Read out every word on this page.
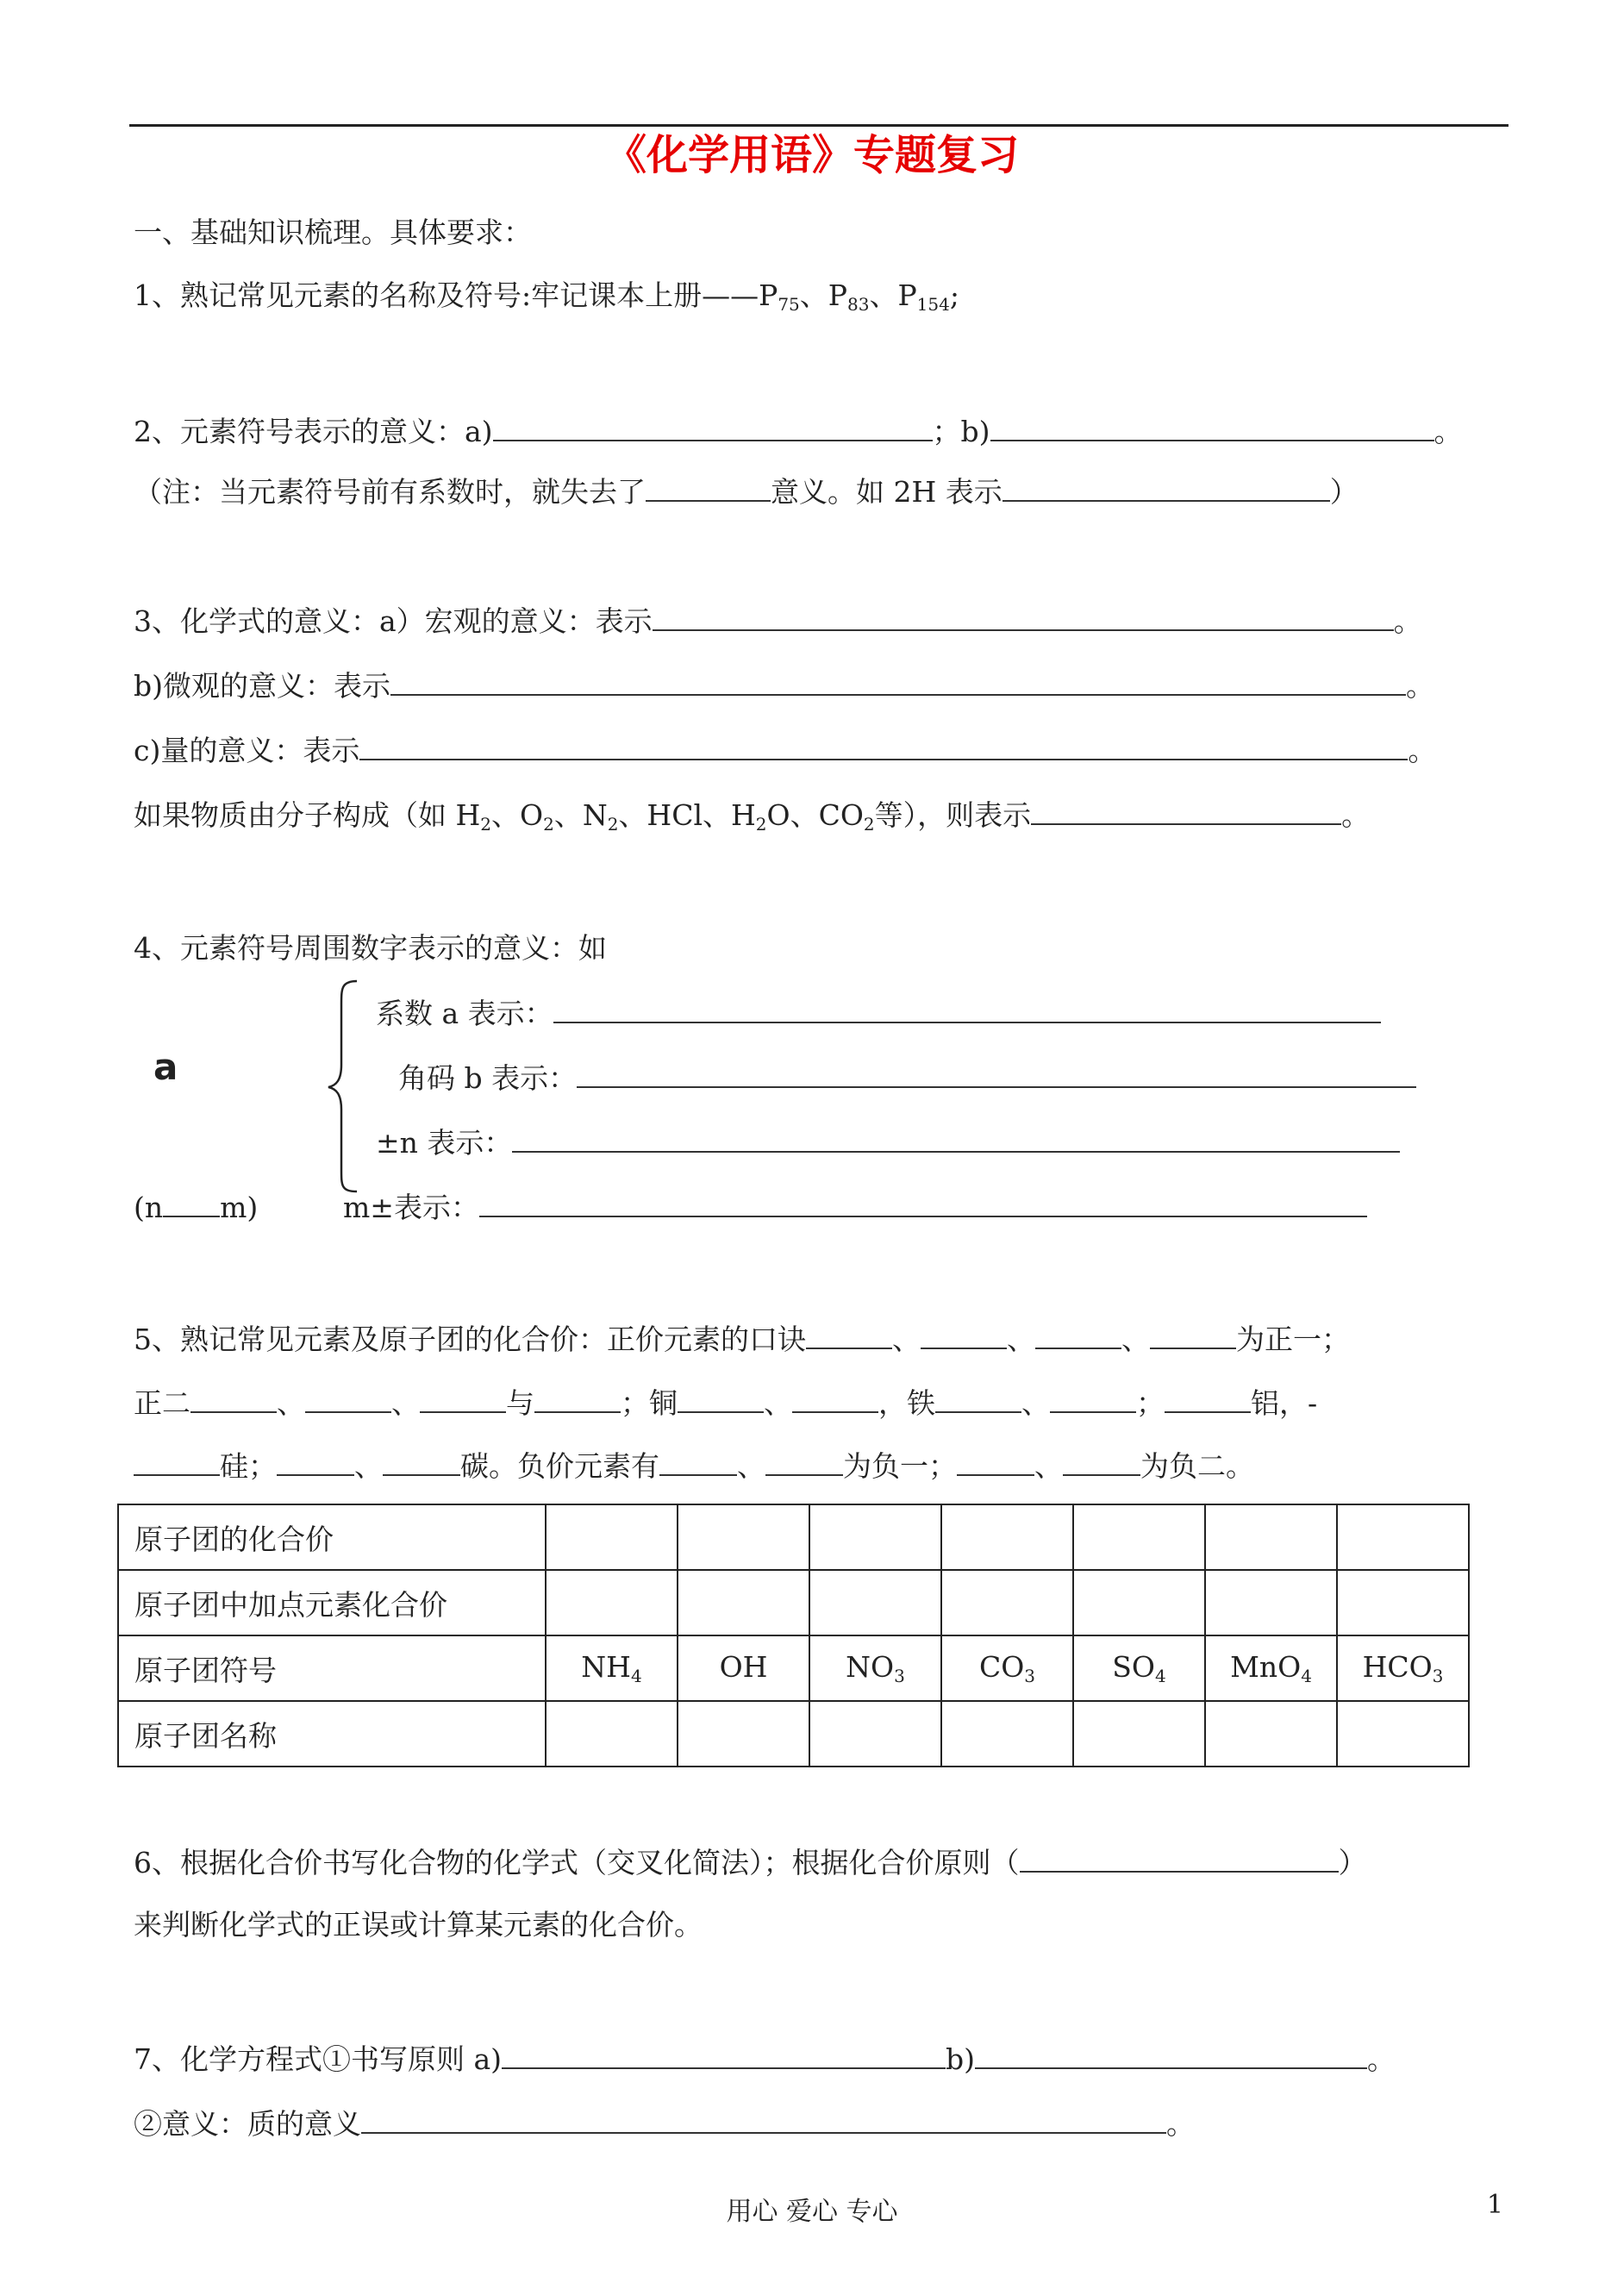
《化学用语》专题复习
一、基础知识梳理。具体要求：
1、熟记常见元素的名称及符号:牢记课本上册$——P_{75}$、$P_{83}$、$P_{154}$;
2、元素符号表示的意义：a)	；b)	。
（注：当元素符号前有系数时，就失去了	意义。如 2H 表示	）
3、化学式的意义：a）宏观的意义：表示	。
b)微观的意义：表示	。
c)量的意义：表示	。
如果物质由分子构成（如 $H_2$、$O_2$、$N_2$、HCl、$H_2O$、$CO_2$等），则表示	。
4、元素符号周围数字表示的意义：如
a
系数 a 表示：
角码 b 表示：
±n 表示：
(n m)	m±表示：
5、熟记常见元素及原子团的化合价：正价元素的口诀	、	、	、	为正一；
正二	、	、	与	；铜	、	，铁	、	；	铝，-
硅；	、	碳。负价元素有	、	为负一；	、	为负二。
原子团的化合价							
原子团中加点元素化合价							
原子团符号	$NH_4$	OH	$NO_3$	$CO_3$	$SO_4$	MnO$_4$	$HCO_3$
原子团名称							
6、根据化合价书写化合物的化学式（交叉化简法）；根据化合价原则（	）
来判断化学式的正误或计算某元素的化合价。
7、化学方程式①书写原则 a)	b)	。
②意义：质的意义	。
用心 爱心 专心	1
